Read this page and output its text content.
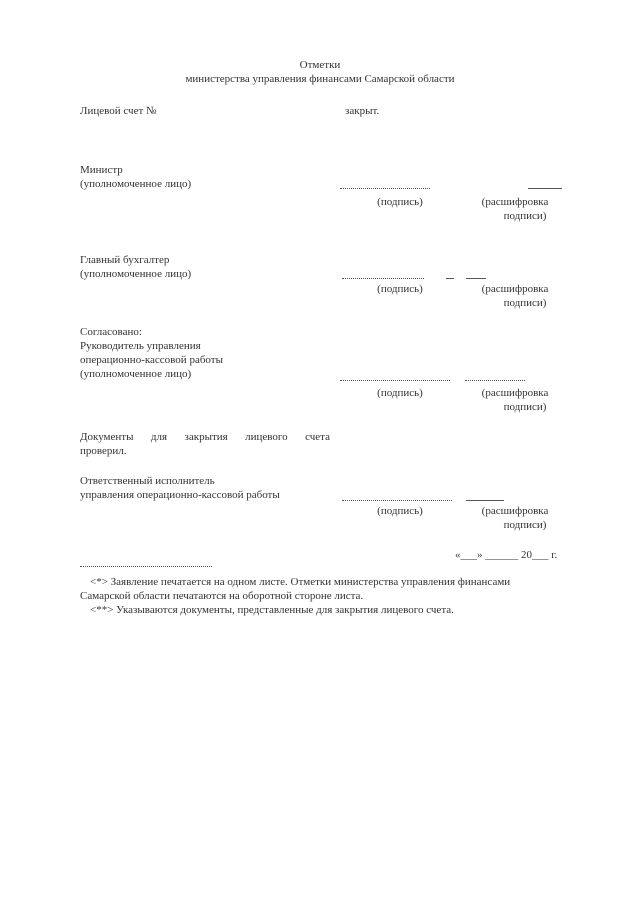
Отметки
министерства управления финансами Самарской области
Лицевой счет №	закрыт.
Министр
(уполномоченное лицо)
(подпись)	(расшифровка
подписи)
Главный бухгалтер
(уполномоченное лицо)
(подпись)	(расшифровка
подписи)
Согласовано:
Руководитель управления
операционно-кассовой работы
(уполномоченное лицо)
(подпись)	(расшифровка
подписи)
Документы для закрытия лицевого счета
проверил.
Ответственный исполнитель
управления операционно-кассовой работы
(подпись)	(расшифровка
подписи)
«___» ______ 20___ г.
<*> Заявление печатается на одном листе. Отметки министерства управления финансами
Самарской области печатаются на оборотной стороне листа.
<**> Указываются документы, представленные для закрытия лицевого счета.
